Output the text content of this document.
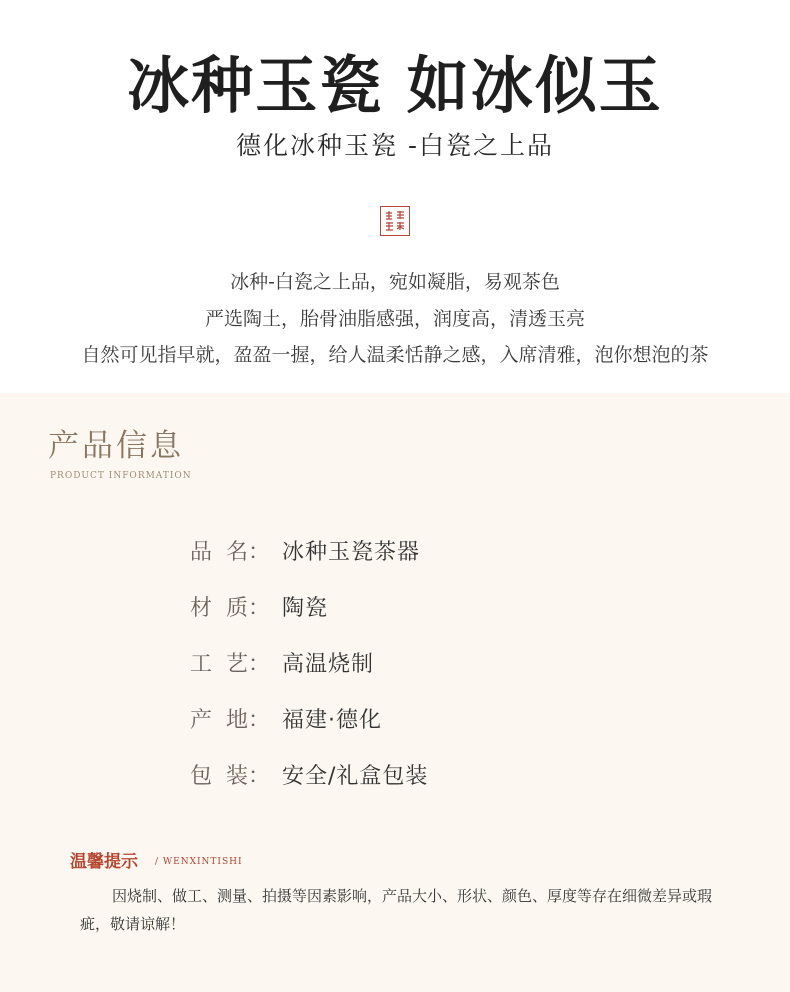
冰种玉瓷 如冰似玉
德化冰种玉瓷 -白瓷之上品
冰种-白瓷之上品，宛如凝脂，易观茶色
严选陶土，胎骨油脂感强，润度高，清透玉亮
自然可见指早就，盈盈一握，给人温柔恬静之感，入席清雅，泡你想泡的茶
产品信息
PRODUCT INFORMATION
品  名： 冰种玉瓷茶器
材  质： 陶瓷
工  艺： 高温烧制
产  地： 福建·德化
包  装： 安全/礼盒包装
温馨提示 / WENXINTISHI
因烧制、做工、测量、拍摄等因素影响，产品大小、形状、颜色、厚度等存在细微差异或瑕疵，敬请谅解！
